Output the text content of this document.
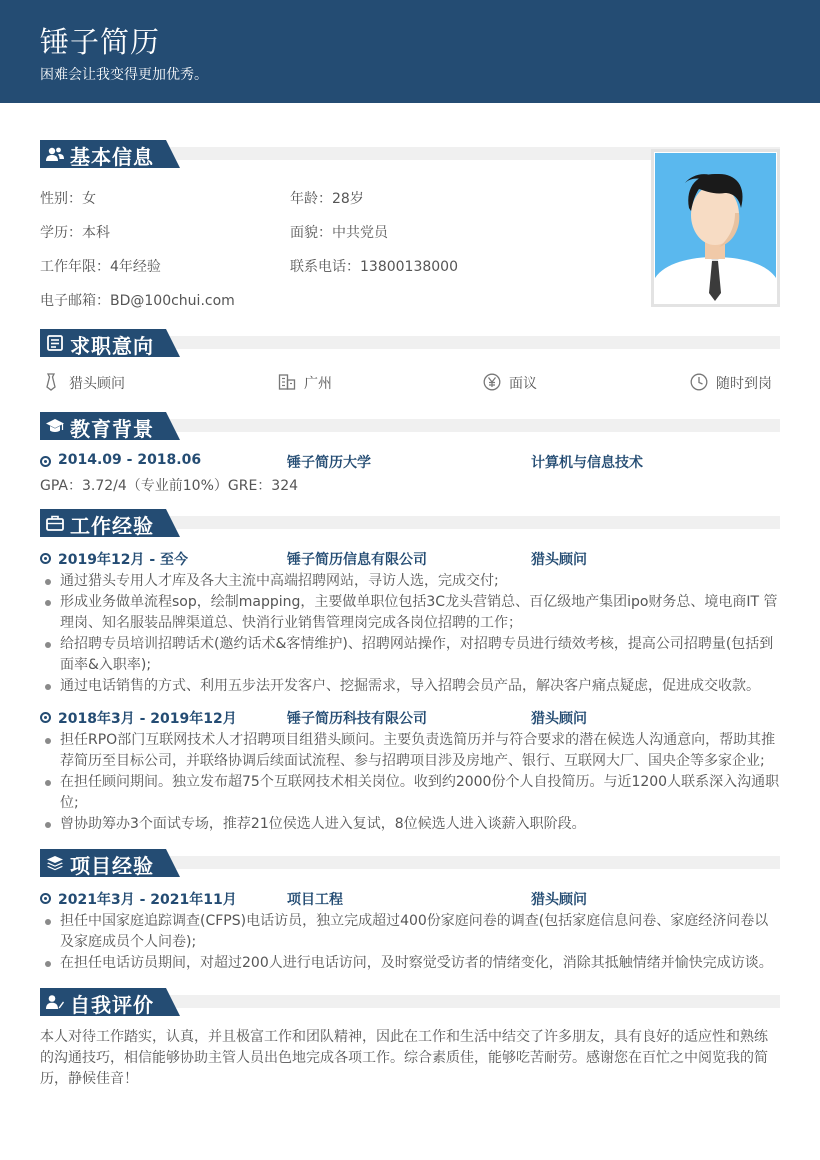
锤子简历
困难会让我变得更加优秀。
基本信息
性别：女	年龄：28岁
学历：本科	面貌：中共党员
工作年限：4年经验	联系电话：13800138000
电子邮箱：BD@100chui.com
求职意向
猎头顾问	广州	面议	随时到岗
教育背景
2014.09 - 2018.06	锤子简历大学	计算机与信息技术
GPA：3.72/4（专业前10%）GRE：324
工作经验
2019年12月 - 至今	锤子简历信息有限公司	猎头顾问
通过猎头专用人才库及各大主流中高端招聘网站，寻访人选，完成交付;
形成业务做单流程sop，绘制mapping，主要做单职位包括3C龙头营销总、百亿级地产集团ipo财务总、境电商IT 管理岗、知名服装品牌渠道总、快消行业销售管理岗完成各岗位招聘的工作；
给招聘专员培训招聘话术(邀约话术&客情维护)、招聘网站操作，对招聘专员进行绩效考核，提高公司招聘量(包括到面率&入职率);
通过电话销售的方式、利用五步法开发客户、挖掘需求，导入招聘会员产品，解决客户痛点疑虑，促进成交收款。
2018年3月 - 2019年12月	锤子简历科技有限公司	猎头顾问
担任RPO部门互联网技术人才招聘项目组猎头顾问。主要负责选简历并与符合要求的潜在候选人沟通意向，帮助其推荐简历至目标公司，并联络协调后续面试流程、参与招聘项目涉及房地产、银行、互联网大厂、国央企等多家企业;
在担任顾问期间。独立发布超75个互联网技术相关岗位。收到约2000份个人自投简历。与近1200人联系深入沟通职位;
曾协助筹办3个面试专场，推荐21位侯选人进入复试，8位候选人进入谈薪入职阶段。
项目经验
2021年3月 - 2021年11月	项目工程	猎头顾问
担任中国家庭追踪调查(CFPS)电话访员，独立完成超过400份家庭问卷的调查(包括家庭信息问卷、家庭经济问卷以及家庭成员个人问卷);
在担任电话访员期间，对超过200人进行电话访问，及时察觉受访者的情绪变化，消除其抵触情绪并愉快完成访谈。
自我评价
本人对待工作踏实，认真，并且极富工作和团队精神，因此在工作和生活中结交了许多朋友，具有良好的适应性和熟练的沟通技巧，相信能够协助主管人员出色地完成各项工作。综合素质佳，能够吃苦耐劳。感谢您在百忙之中阅览我的简历，静候佳音！
